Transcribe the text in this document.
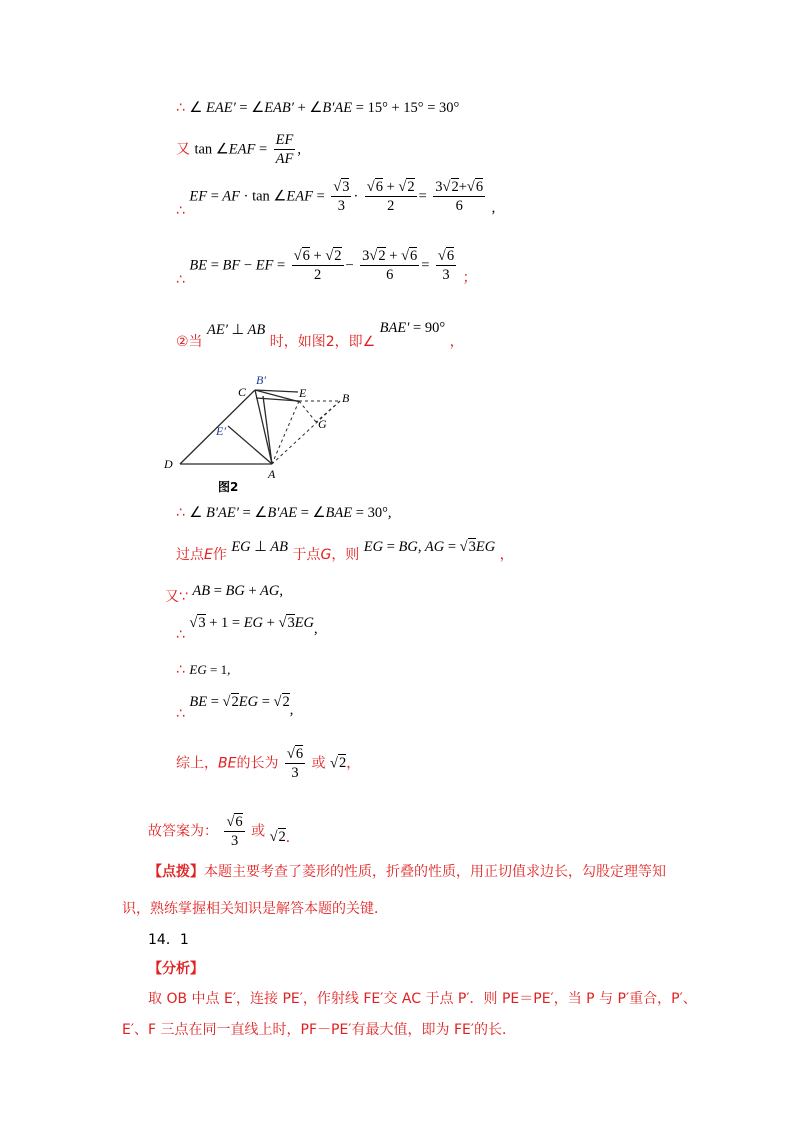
∴ ∠ EAE′ = ∠EAB′ + ∠B′AE = 15° + 15° = 30°
又 tan ∠EAF = $\frac{EF}{AF}$ ,
∴ EF = AF · tan ∠EAF = $\frac{√3}{3} \cdot \frac{√6 + √2}{2} = \frac{3√2+√6}{6}$ ,
∴ BE = BF − EF = $\frac{√6 + √2}{2} - \frac{3√2 + √6}{6} = \frac{√6}{3}$ ；
②当 AE′ ⊥ AB 时，如图2，即∠ BAE′ = 90° ，
C
B′
E	B
G
E′
D
A
图2
∴ ∠ B′AE′ = ∠B′AE = ∠BAE = 30°,
过点E作 EG ⊥ AB 于点G，则 EG = BG, AG = √3EG ，
又∵ AB = BG + AG,
∴ √3 + 1 = EG + √3EG,
∴ EG = 1,
∴ BE = √2EG = √2,
综上，BE的长为 $\frac{√6}{3}$ 或 √2，
故答案为： $\frac{√6}{3}$ 或 √2．
【点拨】本题主要考查了菱形的性质，折叠的性质，用正切值求边长，勾股定理等知
识，熟练掌握相关知识是解答本题的关键．
14．1
【分析】
取 OB 中点 E′，连接 PE′，作射线 FE′交 AC 于点 P′．则 PE＝PE′，当 P 与 P′重合，P′、
E′、F 三点在同一直线上时，PF－PE′有最大值，即为 FE′的长．
